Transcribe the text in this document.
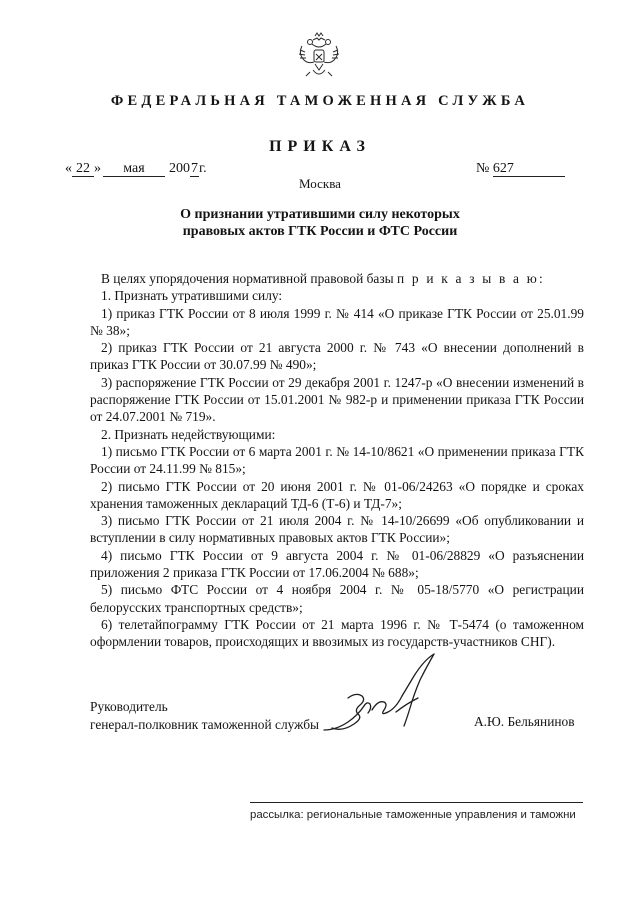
ФЕДЕРАЛЬНАЯ ТАМОЖЕННАЯ СЛУЖБА
ПРИКАЗ
« 22 » мая 2007г.	№ 627
Москва
О признании утратившими силу некоторых
правовых актов ГТК России и ФТС России

В целях упорядочения нормативной правовой базы п р и к а з ы в а ю:

1. Признать утратившими силу:

1) приказ ГТК России от 8 июля 1999 г. № 414 «О приказе ГТК России от 25.01.99 № 38»;

2) приказ ГТК России от 21 августа 2000 г. № 743 «О внесении дополнений в приказ ГТК России от 30.07.99 № 490»;

3) распоряжение ГТК России от 29 декабря 2001 г. 1247-р «О внесении изменений в распоряжение ГТК России от 15.01.2001 № 982-р и применении приказа ГТК России от 24.07.2001 № 719».

2. Признать недействующими:

1) письмо ГТК России от 6 марта 2001 г. № 14-10/8621 «О применении приказа ГТК России от 24.11.99 № 815»;

2) письмо ГТК России от 20 июня 2001 г. № 01-06/24263 «О порядке и сроках хранения таможенных деклараций ТД-6 (Т-6) и ТД-7»;

3) письмо ГТК России от 21 июля 2004 г. № 14-10/26699 «Об опубликовании и вступлении в силу нормативных правовых актов ГТК России»;

4) письмо ГТК России от 9 августа 2004 г. № 01-06/28829 «О разъяснении приложения 2 приказа ГТК России от 17.06.2004 № 688»;

5) письмо ФТС России от 4 ноября 2004 г. № 05-18/5770 «О регистрации белорусских транспортных средств»;

6) телетайпограмму ГТК России от 21 марта 1996 г. № Т-5474 (о таможенном оформлении товаров, происходящих и ввозимых из государств-участников СНГ).

Руководитель
генерал-полковник таможенной службы	А.Ю. Бельянинов
рассылка: региональные таможенные управления и таможни
